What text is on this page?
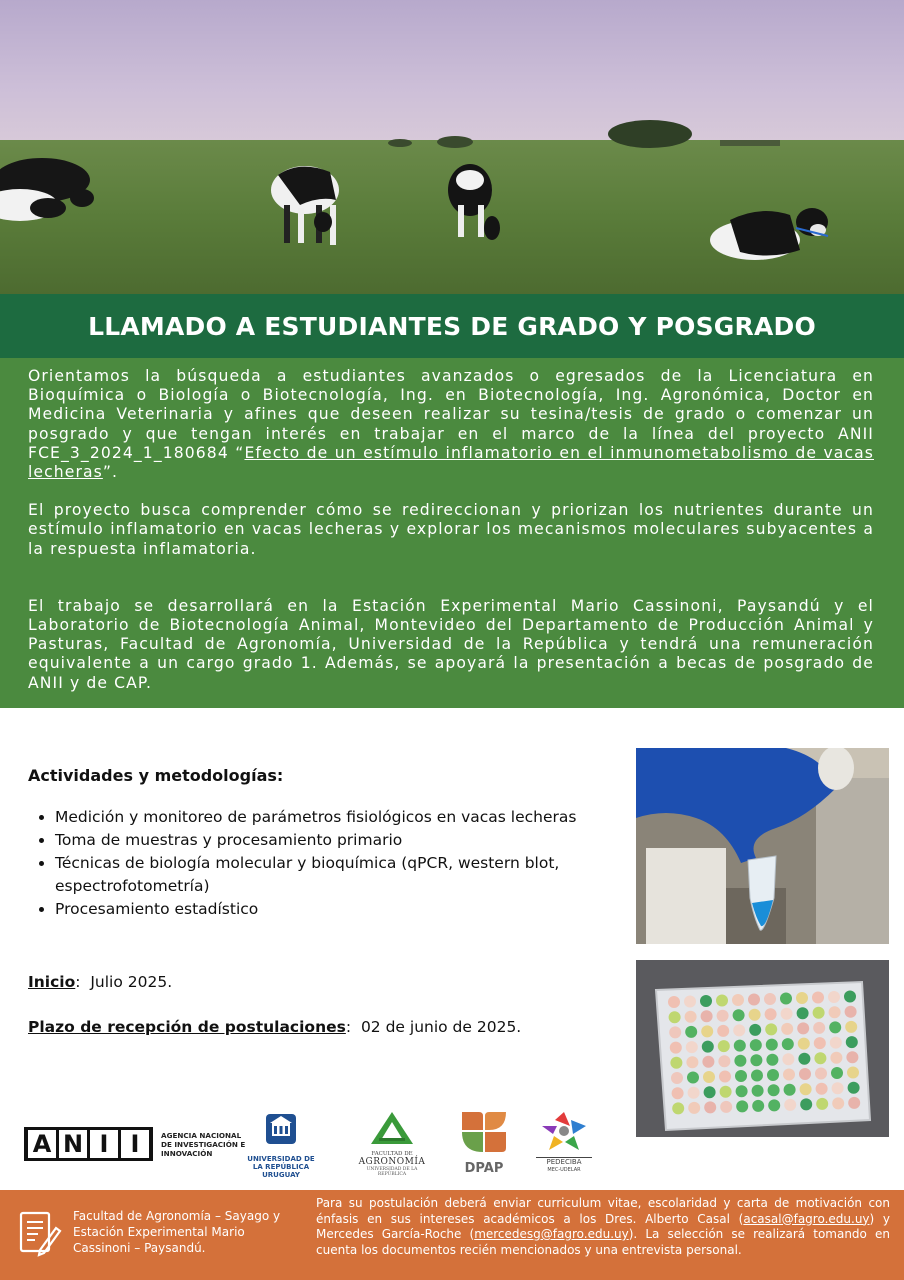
LLAMADO A ESTUDIANTES DE GRADO Y POSGRADO

Orientamos la búsqueda a estudiantes avanzados o egresados de la Licenciatura en Bioquímica o Biología o Biotecnología, Ing. en Biotecnología, Ing. Agronómica, Doctor en Medicina Veterinaria y afines que deseen realizar su tesina/tesis de grado o comenzar un posgrado y que tengan interés en trabajar en el marco de la línea del proyecto ANII FCE_3_2024_1_180684 “Efecto de un estímulo inflamatorio en el inmunometabolismo de vacas lecheras”.

El proyecto busca comprender cómo se redireccionan y priorizan los nutrientes durante un estímulo inflamatorio en vacas lecheras y explorar los mecanismos moleculares subyacentes a la respuesta inflamatoria.

El trabajo se desarrollará en la Estación Experimental Mario Cassinoni, Paysandú y el Laboratorio de Biotecnología Animal, Montevideo del Departamento de Producción Animal y Pasturas, Facultad de Agronomía, Universidad de la República y tendrá una remuneración equivalente a un cargo grado 1. Además, se apoyará la presentación a becas de posgrado de ANII y de CAP.

Actividades y metodologías:
• Medición y monitoreo de parámetros fisiológicos en vacas lecheras
• Toma de muestras y procesamiento primario
• Técnicas de biología molecular y bioquímica (qPCR, western blot, espectrofotometría)
• Procesamiento estadístico
Inicio:  Julio 2025.
Plazo de recepción de postulaciones:  02 de junio de 2025.
A N I I	AGENCIA NACIONAL DE INVESTIGACIÓN E INNOVACIÓN
UNIVERSIDAD DE LA REPÚBLICA URUGUAY
FACULTAD DE
AGRONOMÍA
UNIVERSIDAD DE LA REPÚBLICA	DPAP	PEDECIBA
MEC-UDELAR
Facultad de Agronomía – Sayago y Estación Experimental Mario Cassinoni – Paysandú.
Para su postulación deberá enviar curriculum vitae, escolaridad y carta de motivación con énfasis en sus intereses académicos a los Dres. Alberto Casal (acasal@fagro.edu.uy) y Mercedes García-Roche (mercedesg@fagro.edu.uy). La selección se realizará tomando en cuenta los documentos recién mencionados y una entrevista personal.
